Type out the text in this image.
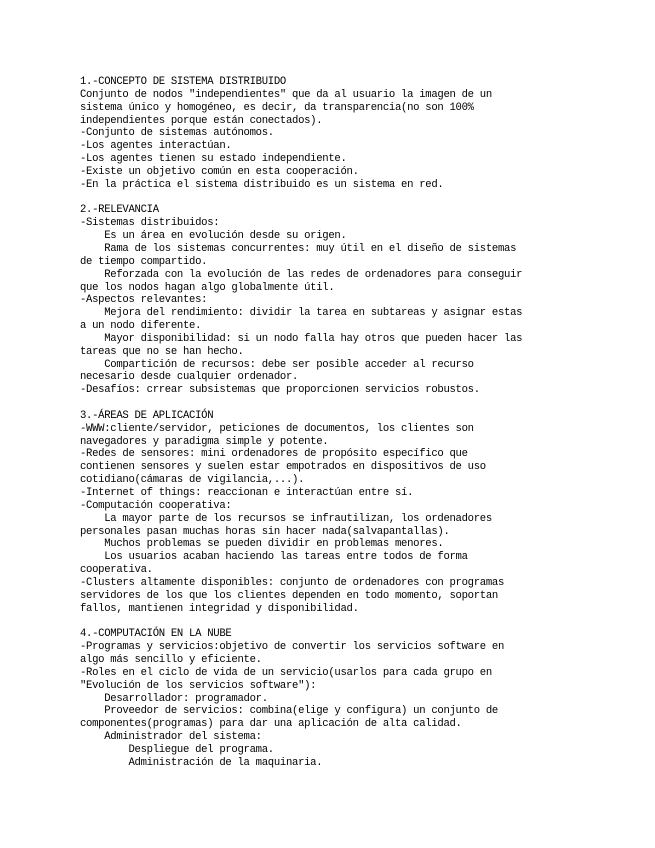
1.-CONCEPTO DE SISTEMA DISTRIBUIDO
Conjunto de nodos "independientes" que da al usuario la imagen de un
sistema único y homogéneo, es decir, da transparencia(no son 100%
independientes porque están conectados).
-Conjunto de sistemas autónomos.
-Los agentes interactúan.
-Los agentes tienen su estado independiente.
-Existe un objetivo común en esta cooperación.
-En la práctica el sistema distribuido es un sistema en red.
2.-RELEVANCIA
-Sistemas distribuidos:
Es un área en evolución desde su origen.
Rama de los sistemas concurrentes: muy útil en el diseño de sistemas
de tiempo compartido.
Reforzada con la evolución de las redes de ordenadores para conseguir
que los nodos hagan algo globalmente útil.
-Aspectos relevantes:
Mejora del rendimiento: dividir la tarea en subtareas y asignar estas
a un nodo diferente.
Mayor disponibilidad: si un nodo falla hay otros que pueden hacer las
tareas que no se han hecho.
Compartición de recursos: debe ser posible acceder al recurso
necesario desde cualquier ordenador.
-Desafíos: crrear subsistemas que proporcionen servicios robustos.
3.-ÁREAS DE APLICACIÓN
-WWW:cliente/servidor, peticiones de documentos, los clientes son
navegadores y paradigma simple y potente.
-Redes de sensores: mini ordenadores de propósito específico que
contienen sensores y suelen estar empotrados en dispositivos de uso
cotidiano(cámaras de vigilancia,...).
-Internet of things: reaccionan e interactúan entre sí.
-Computación cooperativa:
La mayor parte de los recursos se infrautilizan, los ordenadores
personales pasan muchas horas sin hacer nada(salvapantallas).
Muchos problemas se pueden dividir en problemas menores.
Los usuarios acaban haciendo las tareas entre todos de forma
cooperativa.
-Clusters altamente disponibles: conjunto de ordenadores con programas
servidores de los que los clientes dependen en todo momento, soportan
fallos, mantienen integridad y disponibilidad.
4.-COMPUTACIÓN EN LA NUBE
-Programas y servicios:objetivo de convertir los servicios software en
algo más sencillo y eficiente.
-Roles en el ciclo de vida de un servicio(usarlos para cada grupo en
"Evolución de los servicios software"):
Desarrollador: programador.
Proveedor de servicios: combina(elige y configura) un conjunto de
componentes(programas) para dar una aplicación de alta calidad.
Administrador del sistema:
Despliegue del programa.
Administración de la maquinaria.
